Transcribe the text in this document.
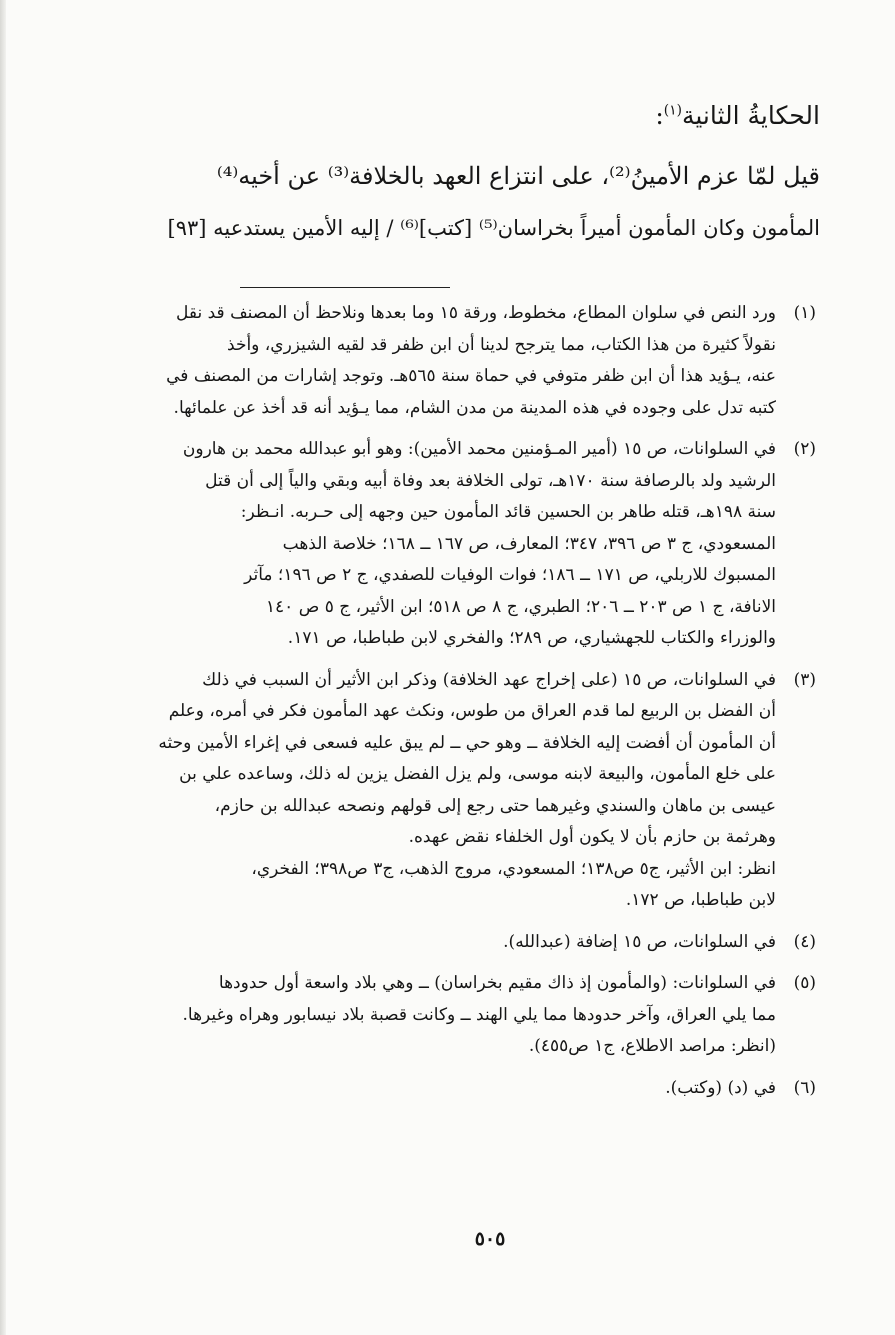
الحكايةُ الثانية$^{(١)}$:

قيل لمّا عزم الأمينُ⁽²⁾، على انتزاع العهد بالخلافة⁽³⁾ عن أخيه⁽⁴⁾

المأمون وكان المأمون أميراً بخراسان⁽⁵⁾ [كتب]⁽⁶⁾ / إليه الأمين يستدعيه [٩٣]

(١)
ورد النص في سلوان المطاع، مخطوط، ورقة ١٥ وما بعدها ونلاحظ أن المصنف قد نقل
نقولاً كثيرة من هذا الكتاب، مما يترجح لدينا أن ابن ظفر قد لقيه الشيزري، وأخذ
عنه، يـؤيد هذا أن ابن ظفر متوفي في حماة سنة ٥٦٥هـ. وتوجد إشارات من المصنف في
كتبه تدل على وجوده في هذه المدينة من مدن الشام، مما يـؤيد أنه قد أخذ عن علمائها.
(٢)
في السلوانات، ص ١٥ (أمير المـؤمنين محمد الأمين): وهو أبو عبدالله محمد بن هارون
الرشيد ولد بالرصافة سنة ١٧٠هـ، تولى الخلافة بعد وفاة أبيه وبقي والياً إلى أن قتل
سنة ١٩٨هـ، قتله طاهر بن الحسين قائد المأمون حين وجهه إلى حـربه. انـظر:
المسعودي، ج ٣ ص ٣٩٦، ٣٤٧؛ المعارف، ص ١٦٧ ــ ١٦٨؛ خلاصة الذهب
المسبوك للاربلي، ص ١٧١ ــ ١٨٦؛ فوات الوفيات للصفدي، ج ٢ ص ١٩٦؛ مآثر
الانافة، ج ١ ص ٢٠٣ ــ ٢٠٦؛ الطبري، ج ٨ ص ٥١٨؛ ابن الأثير، ج ٥ ص ١٤٠
والوزراء والكتاب للجهشياري، ص ٢٨٩؛ والفخري لابن طباطبا، ص ١٧١.
(٣)
في السلوانات، ص ١٥ (على إخراج عهد الخلافة) وذكر ابن الأثير أن السبب في ذلك
أن الفضل بن الربيع لما قدم العراق من طوس، ونكث عهد المأمون فكر في أمره، وعلم
أن المأمون أن أفضت إليه الخلافة ــ وهو حي ــ لم يبق عليه فسعى في إغراء الأمين وحثه
على خلع المأمون، والبيعة لابنه موسى، ولم يزل الفضل يزين له ذلك، وساعده علي بن
عيسى بن ماهان والسندي وغيرهما حتى رجع إلى قولهم ونصحه عبدالله بن حازم،
وهرثمة بن حازم بأن لا يكون أول الخلفاء نقض عهده.
انظر: ابن الأثير، ج٥ ص١٣٨؛ المسعودي، مروج الذهب، ج٣ ص٣٩٨؛ الفخري،
لابن طباطبا، ص ١٧٢.
(٤)
في السلوانات، ص ١٥ إضافة (عبدالله).
(٥)
في السلوانات: (والمأمون إذ ذاك مقيم بخراسان) ــ وهي بلاد واسعة أول حدودها
مما يلي العراق، وآخر حدودها مما يلي الهند ــ وكانت قصبة بلاد نيسابور وهراه وغيرها.
(انظر: مراصد الاطلاع، ج١ ص٤٥٥).
(٦)
في (د) (وكتب).
٥٠٥
